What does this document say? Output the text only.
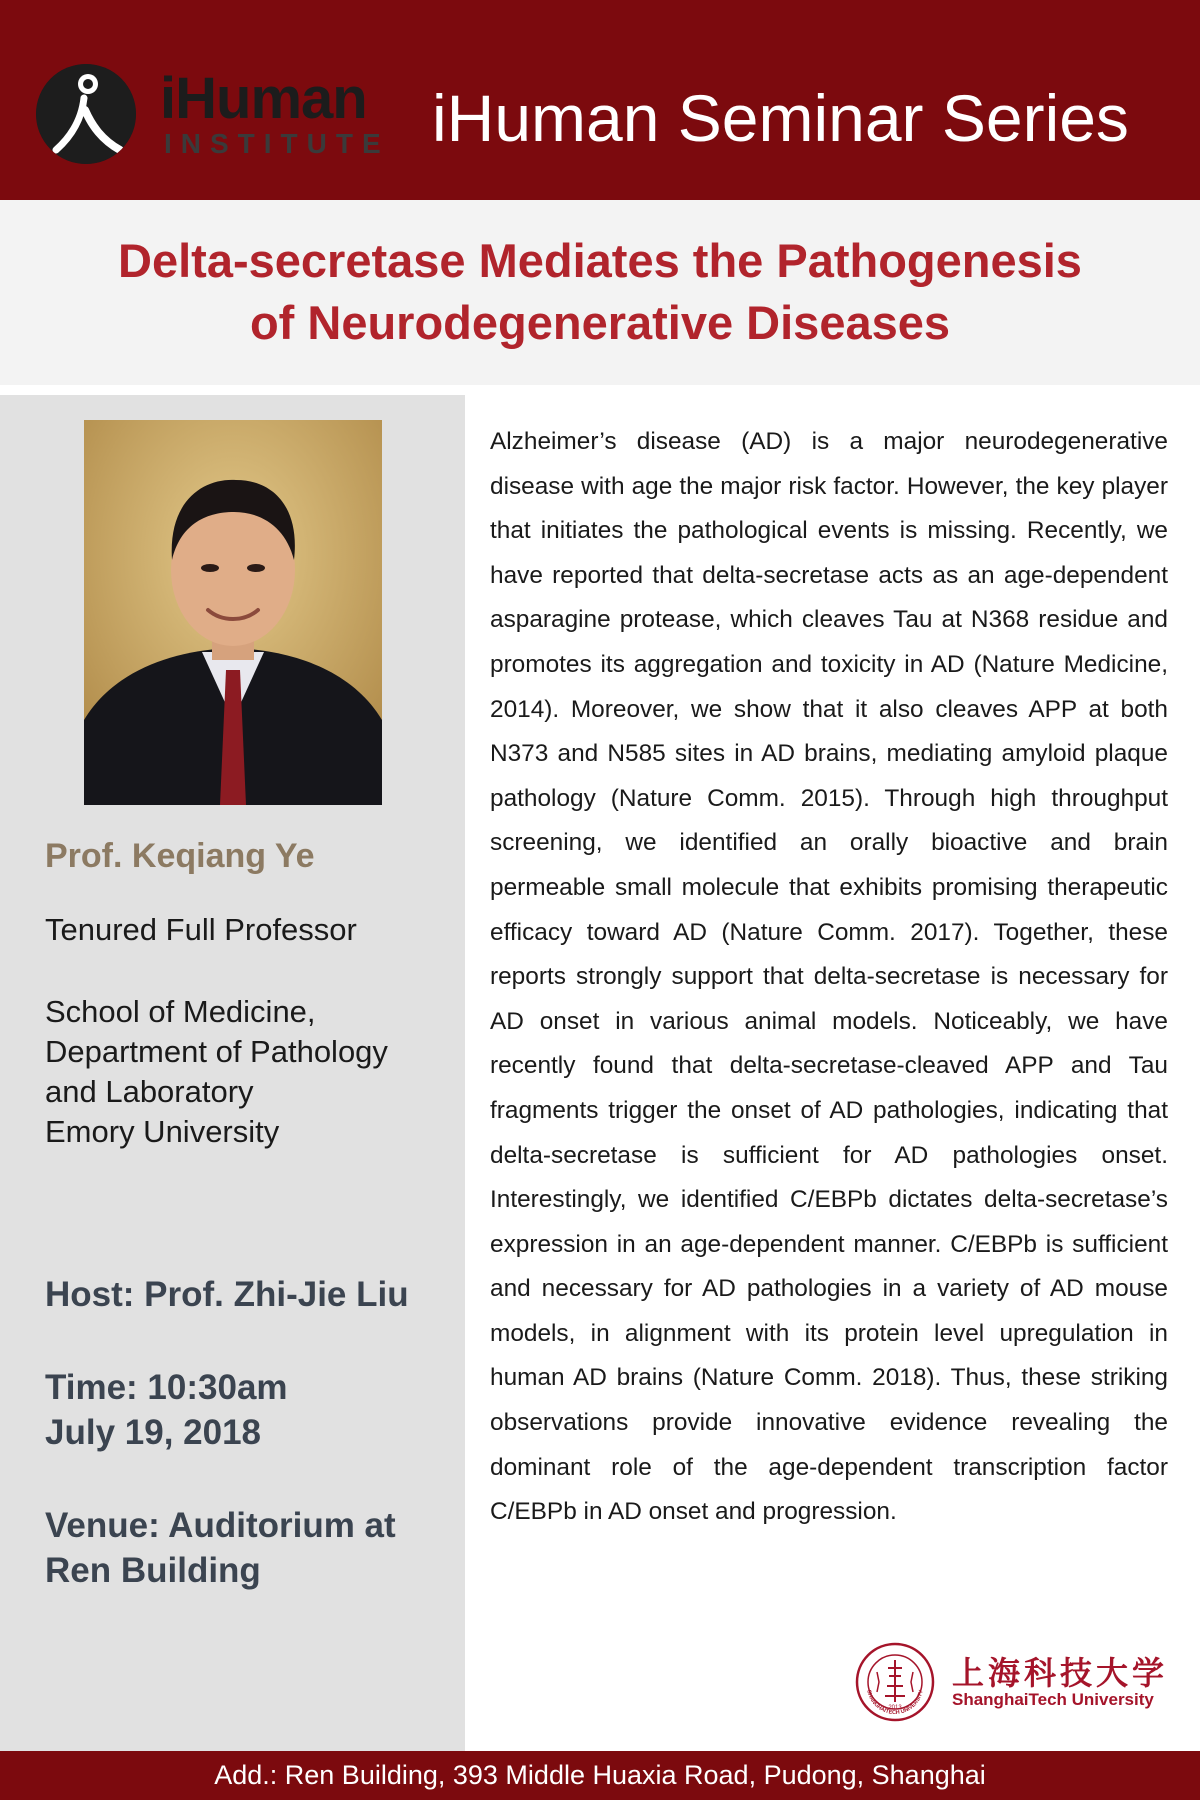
iHuman
INSTITUTE iHuman Seminar Series
Delta-secretase Mediates the Pathogenesis
of Neurodegenerative Diseases
Prof. Keqiang Ye
Tenured Full Professor
School of Medicine,
Department of Pathology
and Laboratory
Emory University
Host: Prof. Zhi-Jie Liu
Time: 10:30am
July 19, 2018
Venue: Auditorium at
Ren Building

Alzheimer’s disease (AD) is a major neurodegenerative disease with age the major risk factor. However, the key player that initiates the pathological events is missing. Recently, we have reported that delta-secretase acts as an age-dependent asparagine protease, which cleaves Tau at N368 residue and promotes its aggregation and toxicity in AD (Nature Medicine, 2014). Moreover, we show that it also cleaves APP at both N373 and N585 sites in AD brains, mediating amyloid plaque pathology (Nature Comm. 2015). Through high throughput screening, we identified an orally bioactive and brain permeable small molecule that exhibits promising therapeutic efficacy toward AD (Nature Comm. 2017). Together, these reports strongly support that delta-secretase is necessary for AD onset in various animal models. Noticeably, we have recently found that delta-secretase-cleaved APP and Tau fragments trigger the onset of AD pathologies, indicating that delta-secretase is sufficient for AD pathologies onset. Interestingly, we identified C/EBPb dictates delta-secretase’s expression in an age-dependent manner. C/EBPb is sufficient and necessary for AD pathologies in a variety of AD mouse models, in alignment with its protein level upregulation in human AD brains (Nature Comm. 2018). Thus, these striking observations provide innovative evidence revealing the dominant role of the age-dependent transcription factor C/EBPb in AD onset and progression.

2013
SHANGHAITECH UNIVERSITY 上海科技大学
ShanghaiTech University
Add.: Ren Building, 393 Middle Huaxia Road, Pudong, Shanghai
